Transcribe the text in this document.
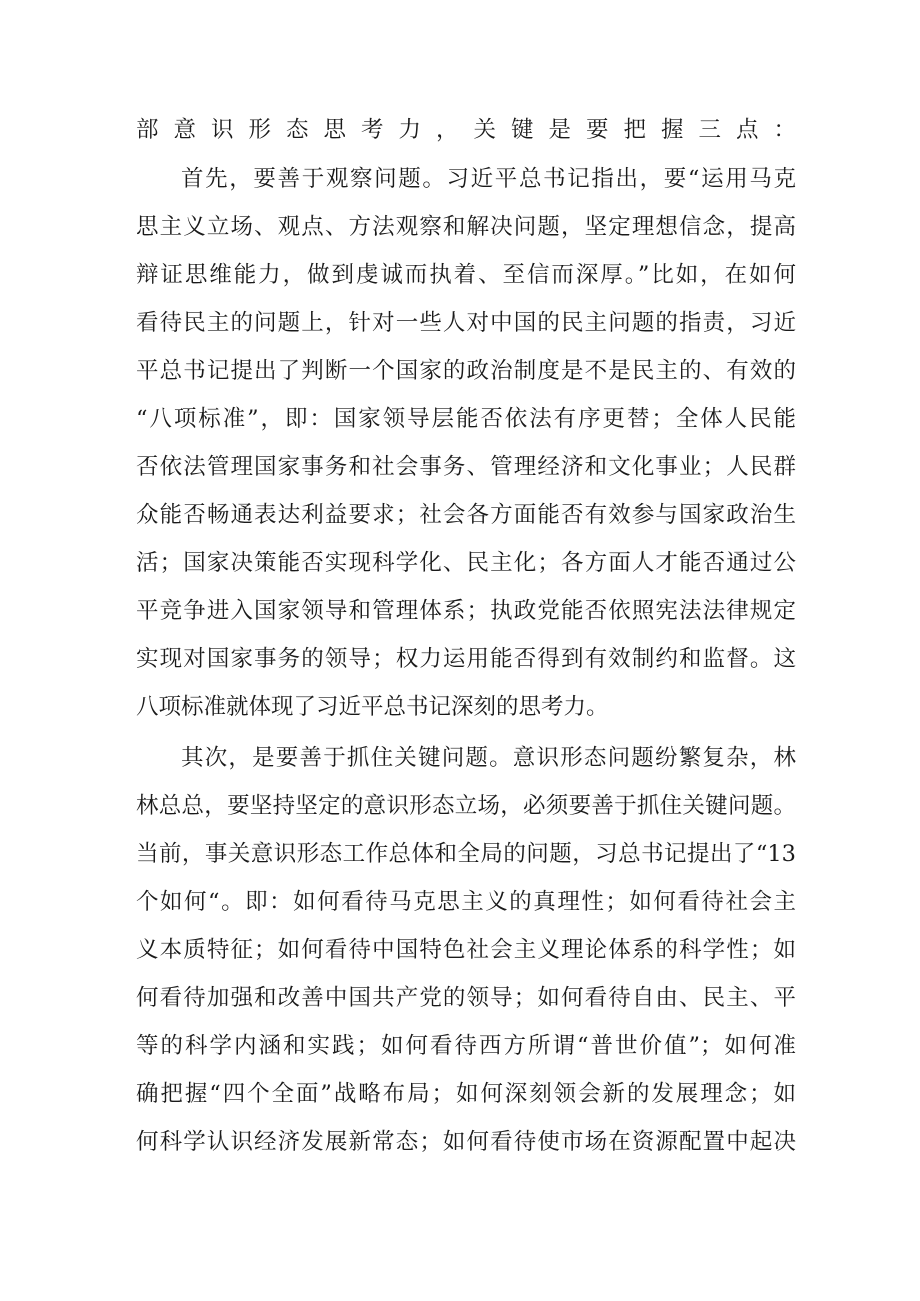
部意识形态思考力，关键是要把握三点：
首先，要善于观察问题。习近平总书记指出，要“运用马克
思主义立场、观点、方法观察和解决问题，坚定理想信念，提高
辩证思维能力，做到虔诚而执着、至信而深厚。”比如，在如何
看待民主的问题上，针对一些人对中国的民主问题的指责，习近
平总书记提出了判断一个国家的政治制度是不是民主的、有效的
“八项标准”，即：国家领导层能否依法有序更替；全体人民能
否依法管理国家事务和社会事务、管理经济和文化事业；人民群
众能否畅通表达利益要求；社会各方面能否有效参与国家政治生
活；国家决策能否实现科学化、民主化；各方面人才能否通过公
平竞争进入国家领导和管理体系；执政党能否依照宪法法律规定
实现对国家事务的领导；权力运用能否得到有效制约和监督。这
八项标准就体现了习近平总书记深刻的思考力。
其次，是要善于抓住关键问题。意识形态问题纷繁复杂，林
林总总，要坚持坚定的意识形态立场，必须要善于抓住关键问题。
当前，事关意识形态工作总体和全局的问题，习总书记提出了“13
个如何“。即：如何看待马克思主义的真理性；如何看待社会主
义本质特征；如何看待中国特色社会主义理论体系的科学性；如
何看待加强和改善中国共产党的领导；如何看待自由、民主、平
等的科学内涵和实践；如何看待西方所谓“普世价值”；如何准
确把握“四个全面”战略布局；如何深刻领会新的发展理念；如
何科学认识经济发展新常态；如何看待使市场在资源配置中起决
